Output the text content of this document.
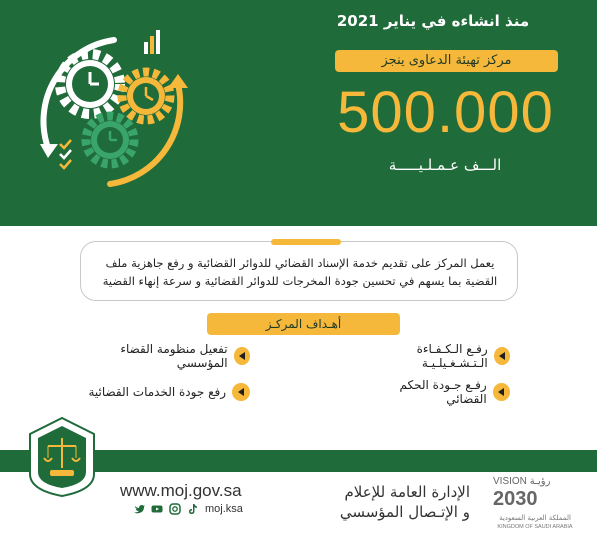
منذ انشاءه في يناير 2021
مركز تهيئة الدعاوى ينجز
500.000
الـــف عـمـلـيـــــة
يعمل المركز على تقديم خدمة الإسناد القضائي للدوائر القضائية و رفع جاهزية ملف القضية بما يسهم في تحسين جودة المخرجات للدوائر القضائية و سرعة إنهاء القضية
أهـداف المركـز
رفـع الـكـفـاءة الـتـشـغـيلـيـة
تفعيل منظومة القضاء المؤسسي
رفـع جـودة الحكم القضائي
رفع جودة الخدمات القضائية
www.moj.gov.sa
moj.ksa
الإدارة العامة للإعلام
و الإتـصال المؤسسي
VISION رؤيـة
2030
المملكة العربية السعودية
KINGDOM OF SAUDI ARABIA
